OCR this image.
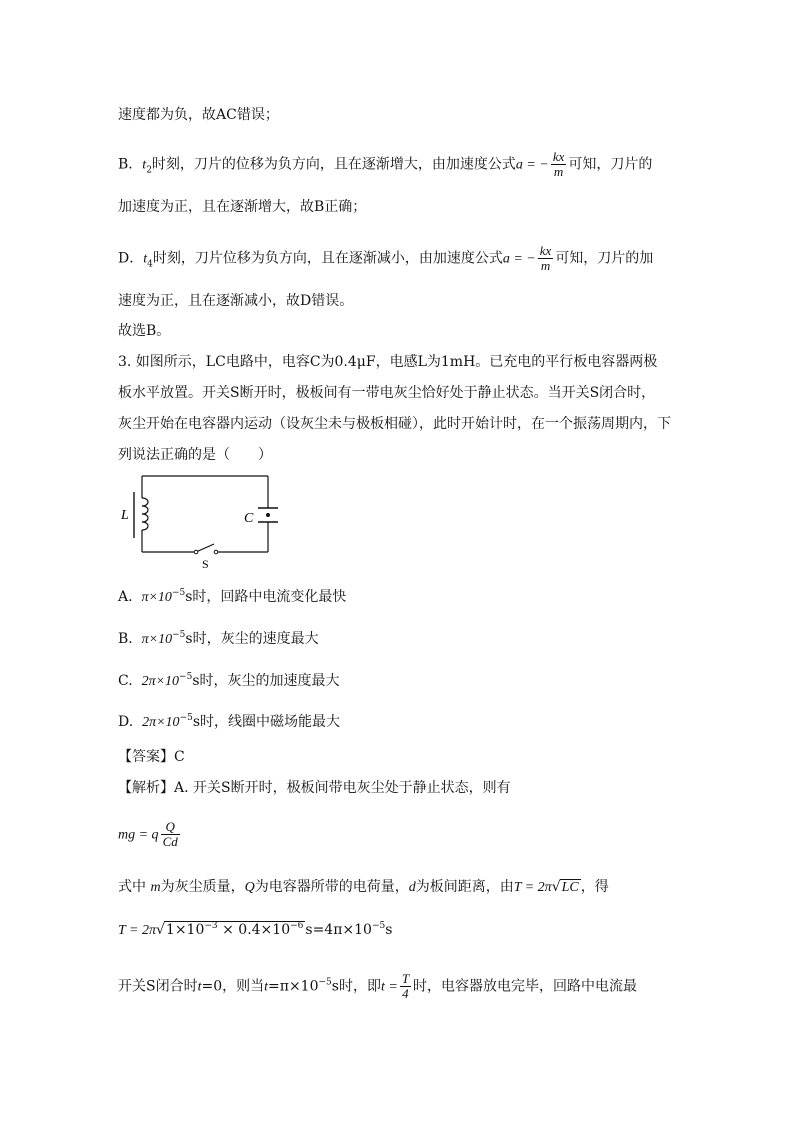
速度都为负，故AC错误；
B．$t_2$时刻，刀片的位移为负方向，且在逐渐增大，由加速度公式a = − $\frac{kx}{m}$ 可知，刀片的
加速度为正，且在逐渐增大，故B正确；
D．$t_4$时刻，刀片位移为负方向，且在逐渐减小，由加速度公式a = − $\frac{kx}{m}$ 可知，刀片的加
速度为正，且在逐渐减小，故D错误。
故选B。
3. 如图所示，LC电路中，电容C为0.4μF，电感L为1mH。已充电的平行板电容器两极
板水平放置。开关S断开时，极板间有一带电灰尘恰好处于静止状态。当开关S闭合时，
灰尘开始在电容器内运动（设灰尘未与极板相碰），此时开始计时，在一个振荡周期内，下
列说法正确的是（　　）
L	C
S
A. $\pi\times 10^{-5}s$时，回路中电流变化最快
B. $\pi\times 10^{-5}s$时，灰尘的速度最大
C. $2\pi\times 10^{-5}s$时，灰尘的加速度最大
D. $2\pi\times 10^{-5}s$时，线圈中磁场能最大
【答案】C
【解析】A. 开关S断开时，极板间带电灰尘处于静止状态，则有
mg = q $\frac{Q}{Cd}$
式中 m为灰尘质量，Q为电容器所带的电荷量，d为板间距离，由T = 2π√LC ，得
$T = 2\pi√1\times 10^{-3} \times 0.4\times 10^{-6}$ $s=4\pi\times 10^{-5}s$
开关S闭合时t=0，则当$t=\pi\times 10^{-5}s$时，即$t = \frac{T}{4}$ 时，电容器放电完毕，回路中电流最
